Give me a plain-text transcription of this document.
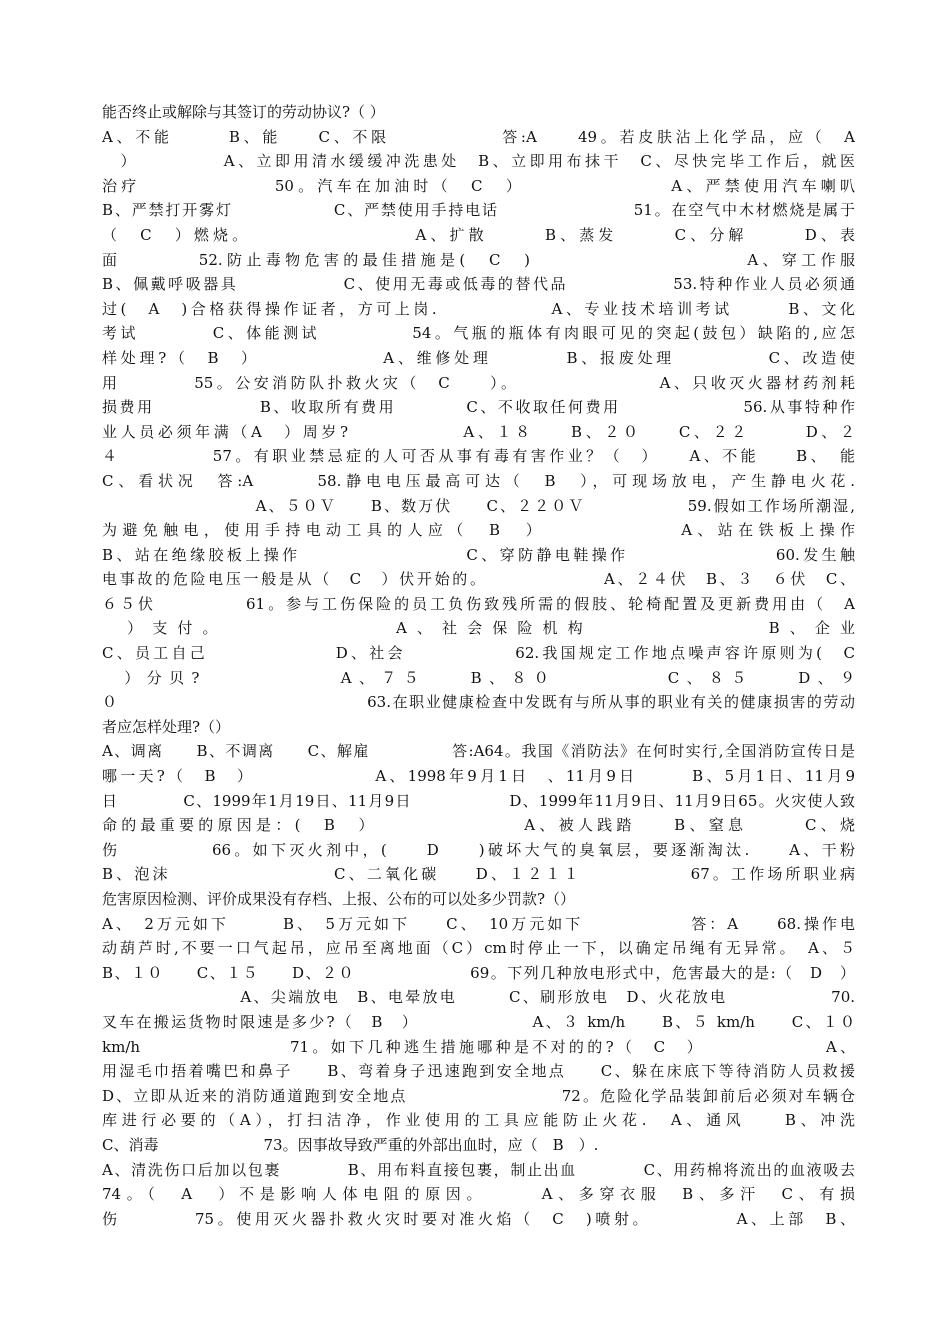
能否终止或解除与其签订的劳动协议?（ ）
A、不能　　　B、能　　C、不限　　　　　　答:A　　49。若皮肤沾上化学品，应（　A
　）　　　　　A、立即用清水缓缓冲洗患处　B、立即用布抹干　C、尽快完毕工作后，就医
治疗　　　　　　　50。汽车在加油时（　C　）　　　　　　　　A、严禁使用汽车喇叭
B、严禁打开雾灯　　　　　　C、严禁使用手持电话　　　　　　　　51。在空气中木材燃烧是属于
（　C　）燃烧。　　　　　　　　　A、扩散　　　B、蒸发　　　C、分解　　　D、表
面　　　　52.防止毒物危害的最佳措施是(　C　)　　　　　　　　　　　A、穿工作服
B、佩戴呼吸器具　　　　　　C、使用无毒或低毒的替代品　　　　　　53.特种作业人员必须通
过(　A　)合格获得操作证者，方可上岗.　　　　　　A、专业技术培训考试　　　B、文化
考试　　　　C、体能测试　　　　　54。气瓶的瓶体有肉眼可见的突起(鼓包）缺陷的,应怎
样处理?（　B　）　　　　　　　A、维修处理　　　　B、报废处理　　　　　C、改造使
用　　　　55。公安消防队扑救火灾（　C　　）。　　　　　　　　A、只收灭火器材药剂耗
损费用　　　　　　B、收取所有费用　　　　C、不收取任何费用　　　　　　　56.从事特种作
业人员必须年满（A　）周岁?　　　　　　A、１８　　B、２０　　C、２２　　　D、２
４　　　　　57。有职业禁忌症的人可否从事有毒有害作业？（　）　　A、不能　　B、　能
C、看状况　答:A　　　58.静电电压最高可达（　B　），可现场放电，产生静电火花.
　　　　　　　　　A、５０Ｖ　　B、数万伏　　C、２２０Ｖ　　　　　　59.假如工作场所潮湿,
为避免触电，使用手持电动工具的人应（　B　）　　　　　　　A、站在铁板上操作
B、站在绝缘胶板上操作　　　　　　　　　C、穿防静电鞋操作　　　　　　　　60.发生触
电事故的危险电压一般是从（　C　）伏开始的。　　　　　　　A、２４伏　B、３　６伏　C、
６５伏　　　　　61。参与工伤保险的员工负伤致残所需的假肢、轮椅配置及更新费用由（　A
　）支付。　　　　　　　A、社会保险机构　　　　　　　B、企业
C、员工自己　　　　　　　D、社会　　　　　　62.我国规定工作地点噪声容许原则为(　C
　）分贝?　　　　　　A、７５　　B、８０　　　　　C、８５　　D、９
０　　　　　　　　　　　　　　　63.在职业健康检查中发既有与所从事的职业有关的健康损害的劳动
者应怎样处理?（）
A、调离　　B、不调离　　C、解雇　　　　　答:A64。我国《消防法》在何时实行,全国消防宣传日是
哪一天?（　B　）　　　　　　　A、1998年9月1日　、11月9日　　　B、5月1日、11月9
日　　　　C、1999年1月19日、11月9日　　　　　　D、1999年11月9日、11月9日65。火灾使人致
命的最重要的原因是：(　B　）　　　　　　　　A、被人践踏　　B、窒息　　　C、烧
伤　　　　　66。如下灭火剂中，(　　D　　)破坏大气的臭氧层，要逐渐淘汰.　　A、干粉
B、泡沫　　　　　　　　　C、二氧化碳　　D、１２１１　　　　　　67。工作场所职业病
危害原因检测、评价成果没有存档、上报、公布的可以处多少罚款?（）
A、　2万元如下　　　B、　5万元如下　　C、　10万元如下　　　　　　答：A　　68.操作电
动葫芦时,不要一口气起吊，应吊至离地面（C）cm时停止一下，以确定吊绳有无异常。　A、５
B、１０　　C、１５　　D、２０　　　　　　　69。下列几种放电形式中，危害最大的是:（　D　）
　　　　　　　　A、尖端放电　B、电晕放电　　　C、刷形放电　D、火花放电　　　　　　70.
叉车在搬运货物时限速是多少?（　B　）　　　　　　　A、３ km/h　　B、５ km/h　　C、１０
km/h　　　　　　　　71。如下几种逃生措施哪种是不对的的?（　C　）　　　　　　　A、
用湿毛巾捂着嘴巴和鼻子　　B、弯着身子迅速跑到安全地点　　C、躲在床底下等待消防人员救援
D、立即从近来的消防通道跑到安全地点　　　　　　　　　72。危险化学品装卸前后必须对车辆仓
库进行必要的（A），打扫洁净，作业使用的工具应能防止火花.　A、通风　　B、冲洗
C、消毒　　　　　　　73。因事故导致严重的外部出血时，应（　B　）.
A、清洗伤口后加以包裹　　　　B、用布料直接包裹，制止出血　　　　C、用药棉将流出的血液吸去
74。（　A　）不是影响人体电阻的原因。　　　A、多穿衣服　B、多汗　C、有损
伤　　　　75。使用灭火器扑救火灾时要对准火焰（　C　)喷射。　　　　　A、上部　B、
